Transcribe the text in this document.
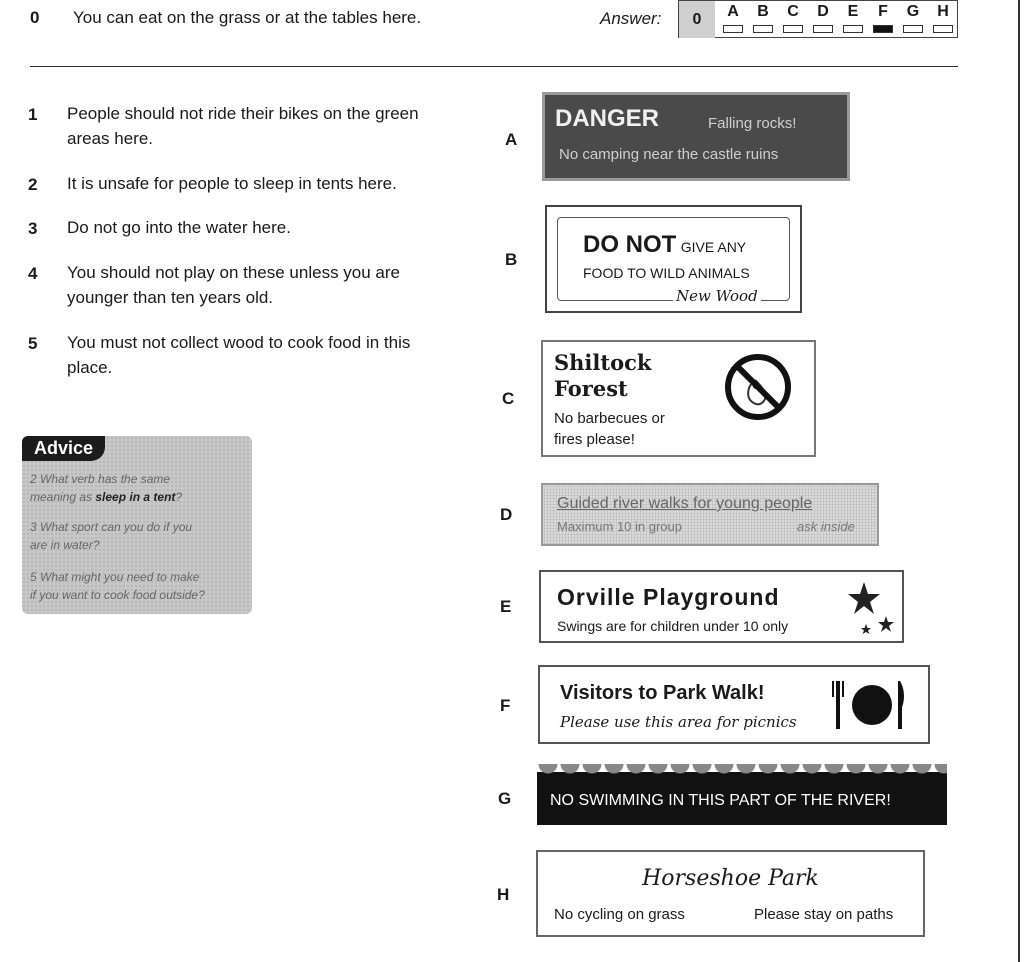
0 You can eat on the grass or at the tables here.	Answer:	0	A	B	C	D	E	F	G	H
1 People should not ride their bikes on the green areas here.
2 It is unsafe for people to sleep in tents here.
3 Do not go into the water here.
4 You should not play on these unless you are younger than ten years old.
5 You must not collect wood to cook food in this place.
Advice
2 What verb has the same
meaning as sleep in a tent?
3 What sport can you do if you
are in water?
5 What might you need to make
if you want to cook food outside?
A
B
C
D
E
F
G
H
DANGER	Falling rocks!
No camping near the castle ruins
DO NOT GIVE ANY
FOOD TO WILD ANIMALS
New Wood
Shiltock
Forest
No barbecues or
fires please!
Guided river walks for young people
Maximum 10 in group	ask inside
Orville Playground
Swings are for children under 10 only
Visitors to Park Walk!
Please use this area for picnics
NO SWIMMING IN THIS PART OF THE RIVER!
Horseshoe Park
No cycling on grass	Please stay on paths
